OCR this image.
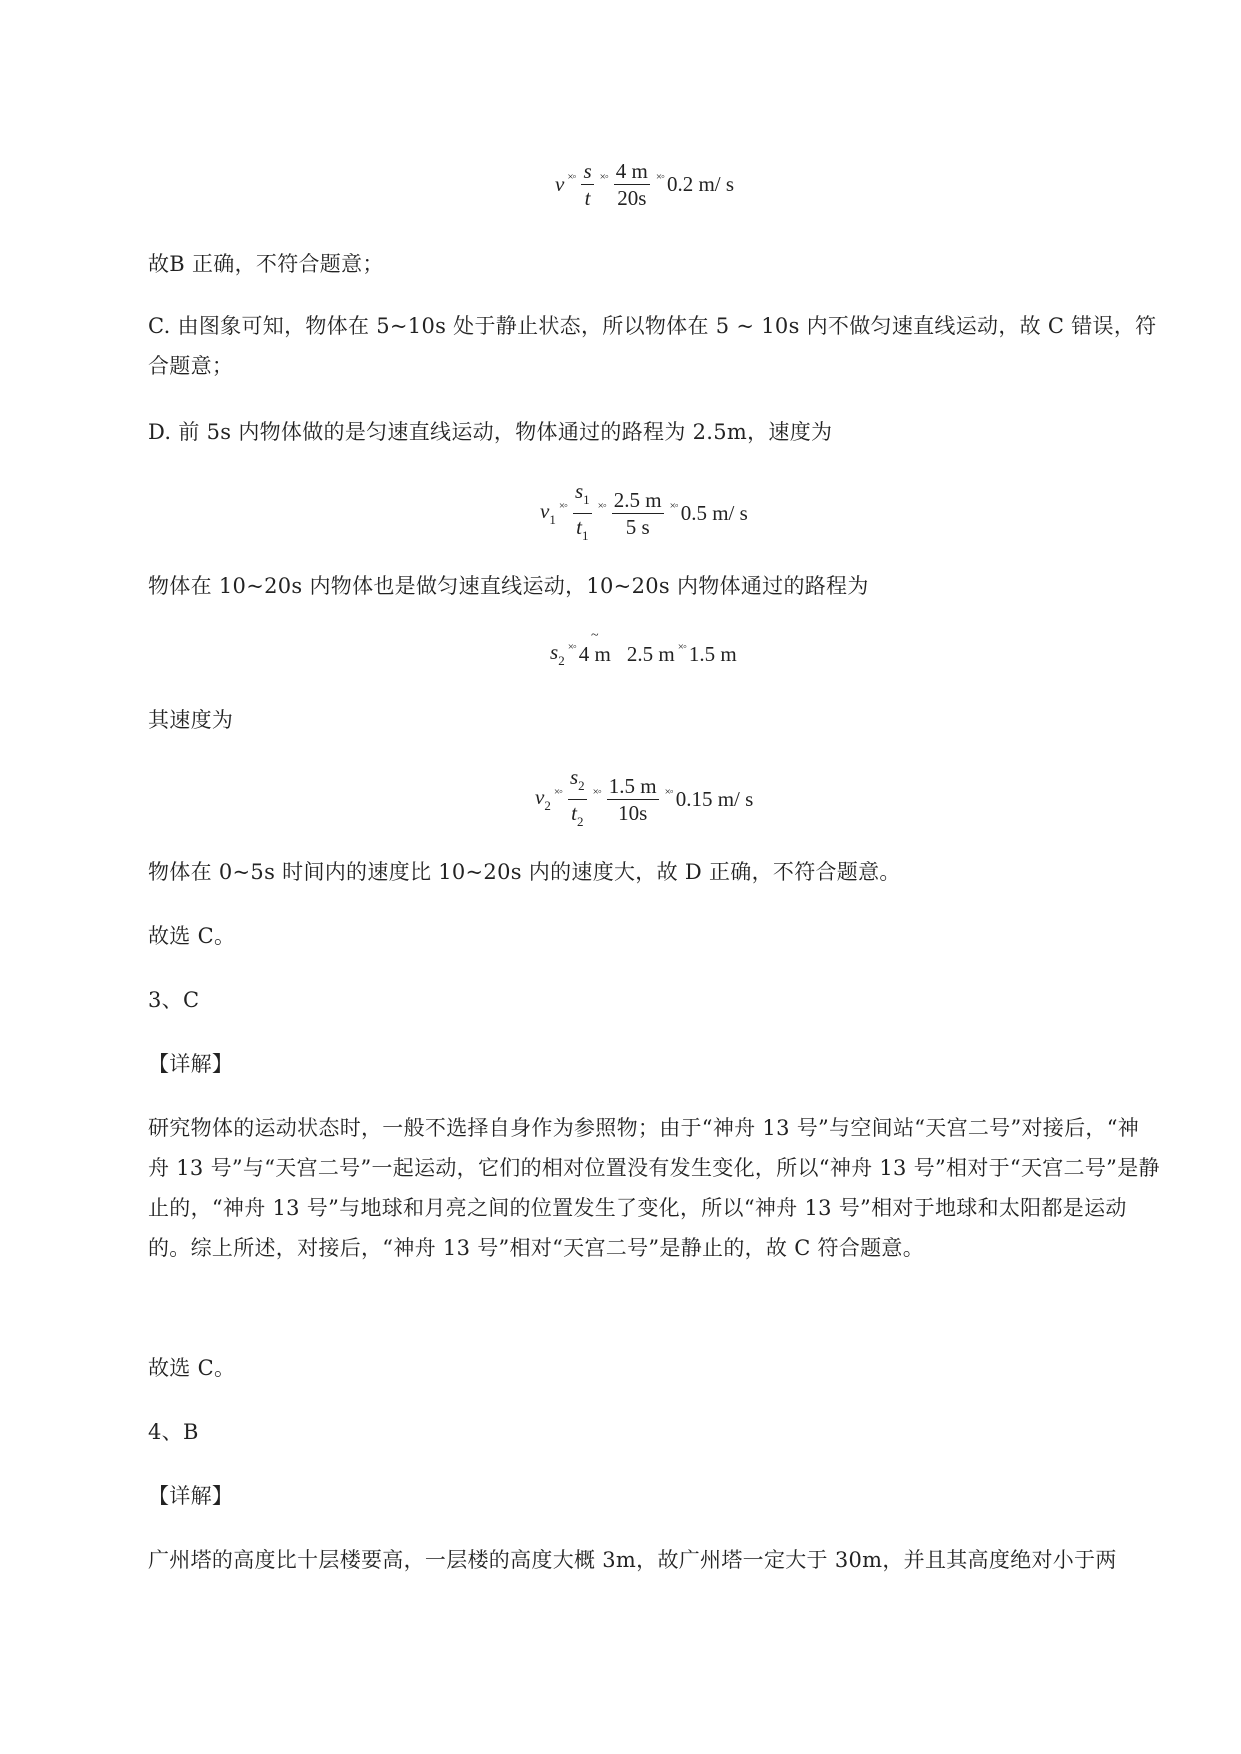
v ×◦ $\frac{s}{t}$ ×◦ $\frac{4 m}{20s}$ ×◦ 0.2 m/ s
故B 正确，不符合题意；
C. 由图象可知，物体在 5~10s 处于静止状态，所以物体在 5 ~ 10s 内不做匀速直线运动，故 C 错误，符合题意；
D. 前 5s 内物体做的是匀速直线运动，物体通过的路程为 2.5m，速度为
$v_1$
×◦ $\frac{s_1}{t_1}$ ×◦ $\frac{2.5 m}{5 s}$ ×◦ 0.5 m/ s
物体在 10~20s 内物体也是做匀速直线运动，10~20s 内物体通过的路程为
$s_2$
×◦
~ 4 m 2.5 m ×◦ 1.5 m
其速度为
$v_2$
×◦ $\frac{s_2}{t_2}$ ×◦ $\frac{1.5 m}{10s}$ ×◦ 0.15 m/ s
物体在 0~5s 时间内的速度比 10~20s 内的速度大，故 D 正确，不符合题意。
故选 C。
3、C
【详解】
研究物体的运动状态时，一般不选择自身作为参照物；由于“神舟 13 号”与空间站“天宫二号”对接后，“神舟 13 号”与“天宫二号”一起运动，它们的相对位置没有发生变化，所以“神舟 13 号”相对于“天宫二号”是静止的，“神舟 13 号”与地球和月亮之间的位置发生了变化，所以“神舟 13 号”相对于地球和太阳都是运动的。综上所述，对接后，“神舟 13 号”相对“天宫二号”是静止的，故 C 符合题意。
故选 C。
4、B
【详解】
广州塔的高度比十层楼要高，一层楼的高度大概 3m，故广州塔一定大于 30m，并且其高度绝对小于两
